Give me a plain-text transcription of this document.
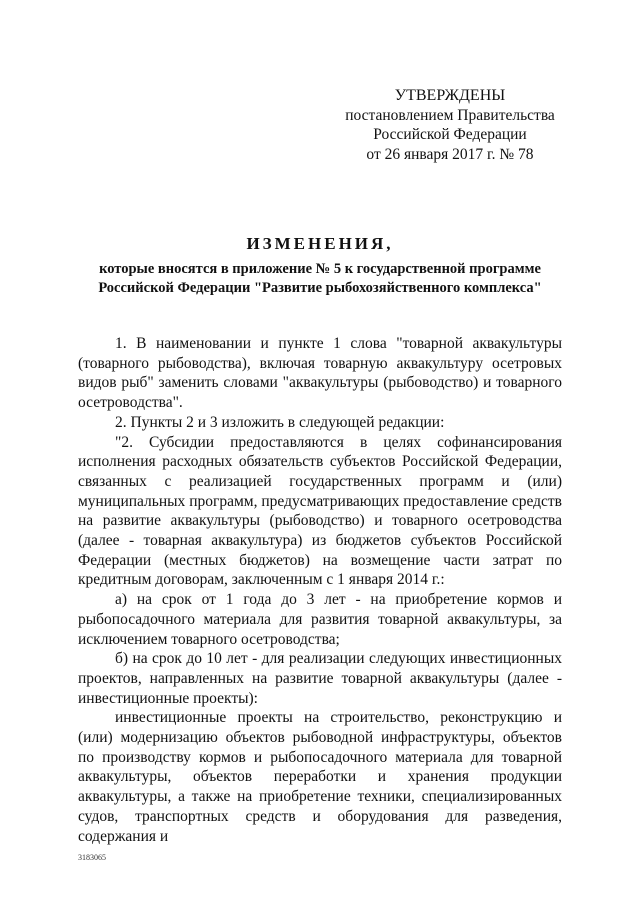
УТВЕРЖДЕНЫ
постановлением Правительства
Российской Федерации
от 26 января 2017 г. № 78
ИЗМЕНЕНИЯ,
которые вносятся в приложение № 5 к государственной программе
Российской Федерации "Развитие рыбохозяйственного комплекса"

1. В наименовании и пункте 1 слова "товарной аквакультуры (товарного рыбоводства), включая товарную аквакультуру осетровых видов рыб" заменить словами "аквакультуры (рыбоводство) и товарного осетроводства".

2. Пункты 2 и 3 изложить в следующей редакции:

"2. Субсидии предоставляются в целях софинансирования исполнения расходных обязательств субъектов Российской Федерации, связанных с реализацией государственных программ и (или) муниципальных программ, предусматривающих предоставление средств на развитие аквакультуры (рыбоводство) и товарного осетроводства (далее - товарная аквакультура) из бюджетов субъектов Российской Федерации (местных бюджетов) на возмещение части затрат по кредитным договорам, заключенным с 1 января 2014 г.:

а) на срок от 1 года до 3 лет - на приобретение кормов и рыбопосадочного материала для развития товарной аквакультуры, за исключением товарного осетроводства;

б) на срок до 10 лет - для реализации следующих инвестиционных проектов, направленных на развитие товарной аквакультуры (далее - инвестиционные проекты):

инвестиционные проекты на строительство, реконструкцию и (или) модернизацию объектов рыбоводной инфраструктуры, объектов по производству кормов и рыбопосадочного материала для товарной аквакультуры, объектов переработки и хранения продукции аквакультуры, а также на приобретение техники, специализированных судов, транспортных средств и оборудования для разведения, содержания и

3183065
